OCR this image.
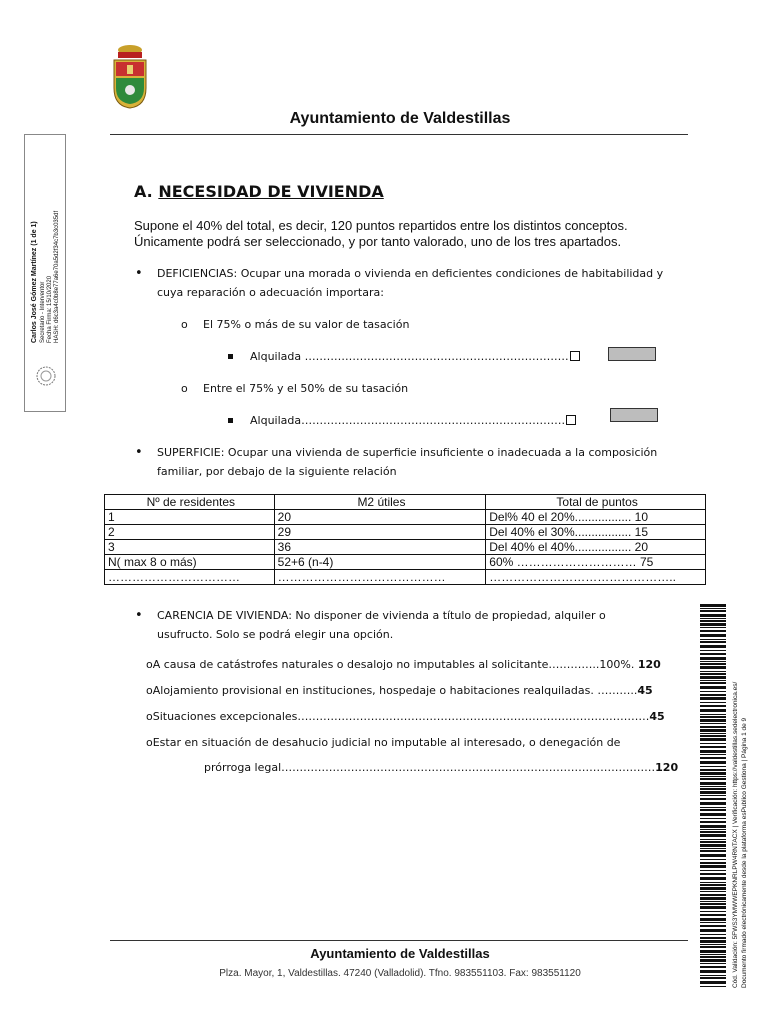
Ayuntamiento de Valdestillas
Carlos José Gómez Martínez (1 de 1) Secretario - Interventor Fecha Firma: 15/10/2020 HASH: d6c3a4c0b8e77a6e70a5d2f34c7b3c035df
A. NECESIDAD DE VIVIENDA
Supone el 40% del total, es decir, 120 puntos repartidos entre los distintos conceptos.
Únicamente podrá ser seleccionado, y por tanto valorado, uno de los tres apartados.
• DEFICIENCIAS: Ocupar una morada o vivienda en deficientes condiciones de habitabilidad y
cuya reparación o adecuación importara:
o El 75% o más de su valor de tasación
Alquilada ………………………………………………………………
o Entre el 75% y el 50% de su tasación
Alquilada………………………………………………………………
• SUPERFICIE: Ocupar una vivienda de superficie insuficiente o inadecuada a la composición
familiar, por debajo de la siguiente relación
Nº de residentes	M2 útiles	Total de puntos
1	20	Del% 40 el 20%................. 10
2	29	Del 40% el 30%................. 15
3	36	Del 40% el 40%................. 20
N( max 8 o más)	52+6 (n-4)	60% ………………………… 75
……………………………	……………………………………	………………………………………..
• CARENCIA DE VIVIENDA: No disponer de vivienda a título de propiedad, alquiler o
usufructo. Solo se podrá elegir una opción.
oA causa de catástrofes naturales o desalojo no imputables al solicitante…………..100%. 120
oAlojamiento provisional en instituciones, hospedaje o habitaciones realquiladas. ………..45
oSituaciones excepcionales……………………………………………………………………………………45
oEstar en situación de desahucio judicial no imputable al interesado, o denegación de
prórroga legal…………………………………………………………………………………………120
Ayuntamiento de Valdestillas
Plza. Mayor, 1, Valdestillas. 47240 (Valladolid). Tfno. 983551103. Fax: 983551120	Cód. Validación: 5FWS3YMWWEPKNRLPW4RNTACX | Verificación: https://valdestillas.sedelectronica.es/ Documento firmado electrónicamente desde la plataforma esPublico Gestiona | Página 1 de 9
